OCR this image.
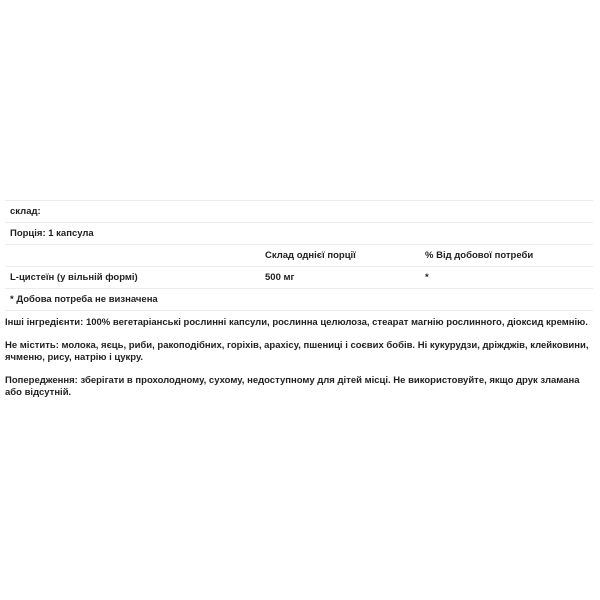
склад:		
Порція: 1 капсула		
	Склад однієї порції	% Від добової потреби
L-цистеїн (у вільній формі)	500 мг	*
* Добова потреба не визначена		

Інші інгредієнти: 100% вегетаріанські рослинні капсули, рослинна целюлоза, стеарат магнію рослинного, діоксид кремнію.

Не містить: молока, яєць, риби, ракоподібних, горіхів, арахісу, пшениці і соєвих бобів. Ні кукурудзи, дріжджів, клейковини, ячменю, рису, натрію і цукру.

Попередження: зберігати в прохолодному, сухому, недоступному для дітей місці. Не використовуйте, якщо друк зламана або відсутній.
